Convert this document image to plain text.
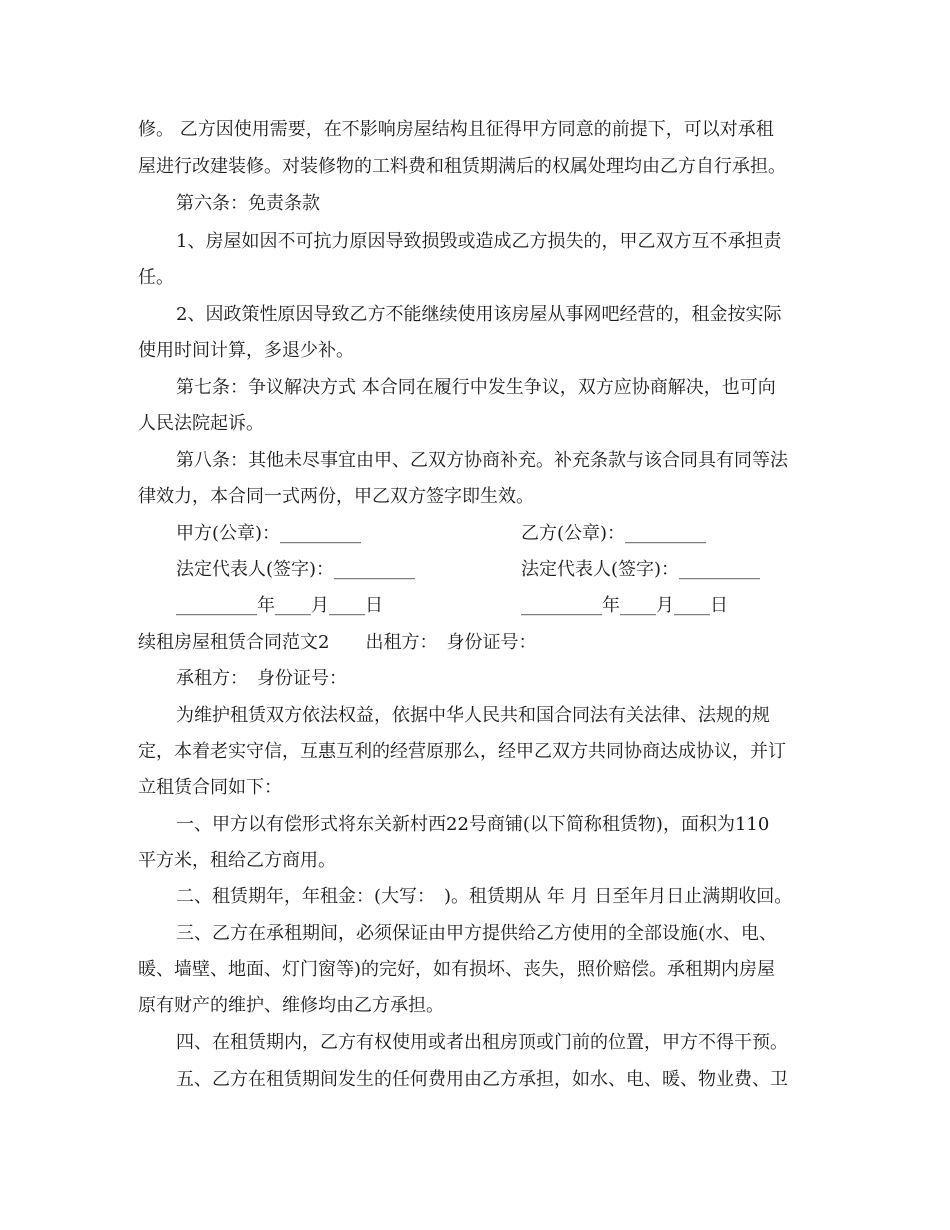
修。 乙方因使用需要，在不影响房屋结构且征得甲方同意的前提下，可以对承租
屋进行改建装修。对装修物的工料费和租赁期满后的权属处理均由乙方自行承担。
第六条：免责条款
1、房屋如因不可抗力原因导致损毁或造成乙方损失的，甲乙双方互不承担责
任。
2、因政策性原因导致乙方不能继续使用该房屋从事网吧经营的，租金按实际
使用时间计算，多退少补。
第七条：争议解决方式 本合同在履行中发生争议，双方应协商解决，也可向
人民法院起诉。
第八条：其他未尽事宜由甲、乙双方协商补充。补充条款与该合同具有同等法
律效力，本合同一式两份，甲乙双方签字即生效。
甲方(公章)：_________	乙方(公章)：_________
法定代表人(签字)：_________	法定代表人(签字)：_________
_________年____月____日	_________年____月____日
续租房屋租赁合同范文2　　出租方：　身份证号：
承租方：　身份证号：
为维护租赁双方依法权益，依据中华人民共和国合同法有关法律、法规的规
定，本着老实守信，互惠互利的经营原那么，经甲乙双方共同协商达成协议，并订
立租赁合同如下：
一、甲方以有偿形式将东关新村西22号商铺(以下简称租赁物)，面积为110
平方米，租给乙方商用。
二、租赁期年，年租金：(大写：　)。租赁期从 年 月 日至年月日止满期收回。
三、乙方在承租期间，必须保证由甲方提供给乙方使用的全部设施(水、电、
暖、墙壁、地面、灯门窗等)的完好，如有损坏、丧失，照价赔偿。承租期内房屋
原有财产的维护、维修均由乙方承担。
四、在租赁期内，乙方有权使用或者出租房顶或门前的位置，甲方不得干预。
五、乙方在租赁期间发生的任何费用由乙方承担，如水、电、暖、物业费、卫
